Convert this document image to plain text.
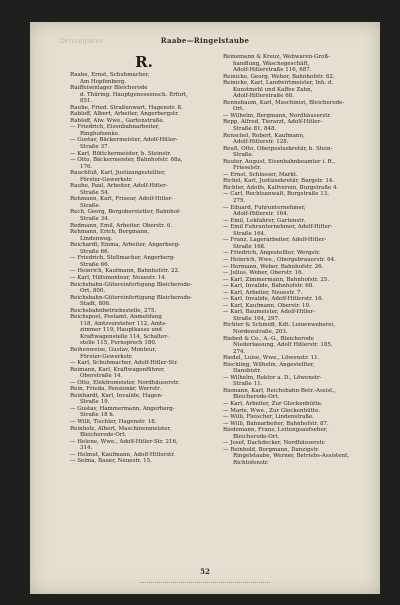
Ortsregister	Raabe—Ringelstaube
R.
Raabe, Ernst, Schuhmacher,
Am Hopfenberg.
Raiffeisenlager Bleicherode
d. Thüring. Hauptgenossensch. Erfurt,
851.
Rauhe, Fried. Straßenwart, Hagenstr. 8.
Rabloff, Albert, Arbeiter, Angerbergstr.
Rabloff, Alw. Wwe., Gartenstraße.
— Friedrich, Eisenbahnarbeiter,
Ringhofsenke.
— Gustav, Bäckermeister, Adolf-Hitler-
Straße 37.
— Karl, Böttchermeister, b. Steinstr.
— Otto, Bäckermeister, Bahnhofstr. 68a,
176.
Rauchfuß, Karl, Justizangestellter,
Förster-Gewerkstr.
Rauhe, Paul, Arbeiter, Adolf-Hitler-
Straße 54.
Rehmann, Karl, Friseur, Adolf-Hitler-
Straße.
Rech, Georg, Bergoberstetter, Bahnhof-
Straße 34.
Redmann, Emil, Arbeiter, Oberstr. 6.
Rehmann, Erich, Bergmann,
Lindenweg.
Reichardt, Emma, Arbeiter, Angerberg-
Straße 66.
— Friedrich, Stellmacher, Angerberg-
Straße 66.
— Heinrich, Kaufmann, Bahnhofstr. 22.
— Karl, Hilfsmonteur, Neuestr. 14.
Reichsbahn-Gütereinfertigung Bleicherode-
Ort, 800.
Reichsbahn-Gütereinfertigung Bleicherode-
Stadt, 806.
Reichsbahnbetriebsstelle, 275.
Reichspost, Postamt, Anmeldung
118, Amtsvorsteher 112, Amts-
zimmer 119, Hauptkasse und
Kraftwagenstelle 114, Schalter-
stelle 115, Fernsprech 180.
Reihenweise, Gustav, Monteur,
Förster-Gewerkstr.
— Karl, Schuhmacher, Adolf-Hitler-Str.
Reimann, Karl, Kraftwagenführer,
Oberstraße 14.
— Otto, Elektromeister, Nordhäuserstr.
Rein, Frieda, Pensionär, Werrstr.
Reinhardt, Karl, Invalide, Hagen-
Straße 19.
— Gustav, Hammermann, Angerberg-
Straße 18 h.
— Willi, Tischler, Hagenstr. 18.
Reinholz, Albert, Maschinenmeister,
Bleicherode-Ort.
— Helene, Wwe., Adolf-Hitler-Str. 216,
314.
— Helmut, Kaufmann, Adolf-Hitlerstr.
— Selma, Bauer, Neuestr. 15.
Reinemann & Kreuz, Webwaren-Groß-
handlung, Wäschegeschäft,
Adolf-Hitlerstraße 116, 687.
Reinicke, Georg, Weber, Bahnhofstr. 62.
Reinicke, Karl, Landwirtmeister, Inh. d.
Kunstmehl und Kaffee Zahn,
Adolf-Hitlerstraße 68.
Rennebaum, Karl, Maschinist, Bleicherode-
Ort.
— Wilhelm, Bergmann, Nordhäuserstr.
Repp, Alfred, Tierarzt, Adolf-Hitler-
Straße 81, 848.
Renschel, Robert, Kaufmann,
Adolf-Hitlerstr. 128.
Reuß, Otto, Oberpostsekretär, b. Stein-
Straße.
Reuter, August, Eisenbahnbeamter i. R.,
Frieselstr.
— Ernst, Schlosser, Markt.
Richel, Karl, Justizsekretär, Burgstr. 14.
Richter, Adolfs, Kalfverein, Burgstraße 4.
— Carl, Rechtsanwalt, Burgstraße 13,
275.
— Eduard, Fuhrunternehmer,
Adolf-Hitlerstr. 164.
— Emil, Lokfahrer, Gartenstr.
— Emil Fuhrunternehmer, Adolf-Hitler-
Straße 164.
— Franz, Lagerarbeiter, Adolf-Hitler-
Straße 168.
— Friedrich, Angestellter, Wergstr.
— Heinrich, Wwe., Obergebrauerstr. 64.
— Hermann, Weber, Bahnhofstr. 26.
— Julius, Weber, Oberstr. 16.
— Karl, Zimmermann, Bahnhofstr. 25.
— Karl, Invalide, Bahnhofstr. 68.
— Karl, Arbeiter, Neuestr. 7.
— Karl, Invalide, Adolf-Hitlerstr. 16.
— Karl, Kaufmann, Oberstr. 10.
— Karl, Baumeister, Adolf-Hitler-
Straße 164, 297.
Richter & Schmidt, Kdt. Leinenweberei,
Nordenstraße, 203.
Riebed & Co., A.-G., Bleicherode
Niederlassung, Adolf Hitlerstr. 185,
274.
Riedel, Luise, Wwe., Löwenstr. 11.
Riechling, Wilhelm, Angestellter,
Dansbistr.
— Wilhelm, Rektor a. D., Löwenstr-
Straße 11.
Riemann, Karl, Reichsbahn-Betr.-Assist.,
Bleicherode-Ort.
— Karl, Arbeiter, Zur Glockenhütte.
— Marie, Wwe., Zur Glockenhütte.
— Willi, Fleischer, Lindenstraße.
— Willi, Bahnarbeiter, Bahnhofstr. 87.
Riedemann, Franz, Leitungsaufseher,
Bleicherode-Ort.
— Josef, Dachdecker, Nordhäuserstr.
— Reinhold, Bergmann, Danzigstr.
Ringelstaube, Werner, Betriebs-Assistent,
Richtofenstr.
52
